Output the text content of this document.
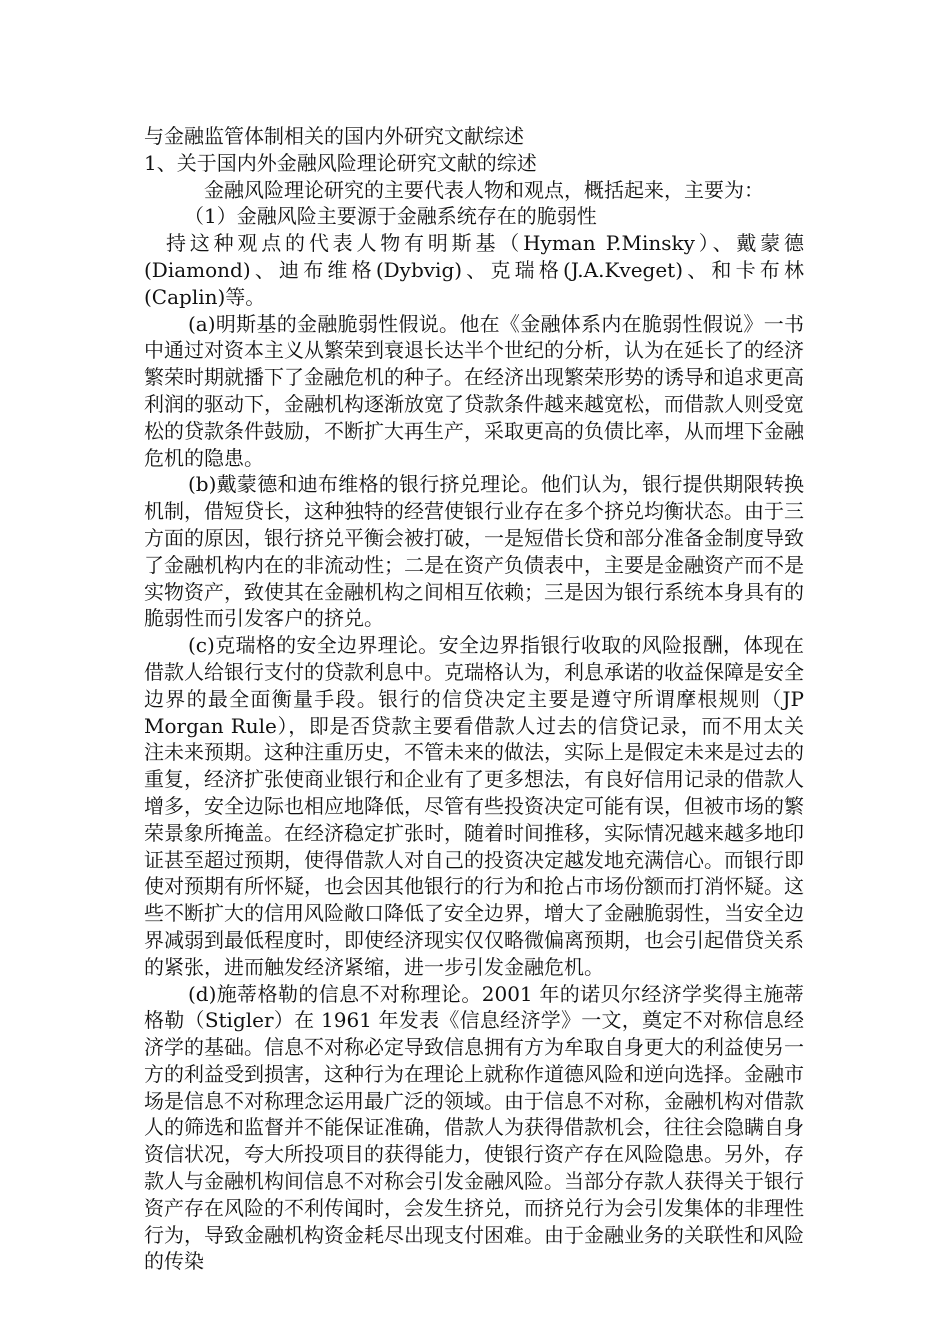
与金融监管体制相关的国内外研究文献综述

1、关于国内外金融风险理论研究文献的综述

金融风险理论研究的主要代表人物和观点，概括起来，主要为：

（1）金融风险主要源于金融系统存在的脆弱性

持这种观点的代表人物有明斯基（Hyman P.Minsky）、戴蒙德(Diamond)、迪布维格(Dybvig)、克瑞格(J.A.Kveget)、和卡布林(Caplin)等。

(a)明斯基的金融脆弱性假说。他在《金融体系内在脆弱性假说》一书中通过对资本主义从繁荣到衰退长达半个世纪的分析，认为在延长了的经济繁荣时期就播下了金融危机的种子。在经济出现繁荣形势的诱导和追求更高利润的驱动下，金融机构逐渐放宽了贷款条件越来越宽松，而借款人则受宽松的贷款条件鼓励，不断扩大再生产，采取更高的负债比率，从而埋下金融危机的隐患。

(b)戴蒙德和迪布维格的银行挤兑理论。他们认为，银行提供期限转换机制，借短贷长，这种独特的经营使银行业存在多个挤兑均衡状态。由于三方面的原因，银行挤兑平衡会被打破，一是短借长贷和部分准备金制度导致了金融机构内在的非流动性；二是在资产负债表中，主要是金融资产而不是实物资产，致使其在金融机构之间相互依赖；三是因为银行系统本身具有的脆弱性而引发客户的挤兑。

(c)克瑞格的安全边界理论。安全边界指银行收取的风险报酬，体现在借款人给银行支付的贷款利息中。克瑞格认为，利息承诺的收益保障是安全边界的最全面衡量手段。银行的信贷决定主要是遵守所谓摩根规则（JP Morgan Rule），即是否贷款主要看借款人过去的信贷记录，而不用太关注未来预期。这种注重历史，不管未来的做法，实际上是假定未来是过去的重复，经济扩张使商业银行和企业有了更多想法，有良好信用记录的借款人增多，安全边际也相应地降低，尽管有些投资决定可能有误，但被市场的繁荣景象所掩盖。在经济稳定扩张时，随着时间推移，实际情况越来越多地印证甚至超过预期，使得借款人对自己的投资决定越发地充满信心。而银行即使对预期有所怀疑，也会因其他银行的行为和抢占市场份额而打消怀疑。这些不断扩大的信用风险敞口降低了安全边界，增大了金融脆弱性，当安全边界减弱到最低程度时，即使经济现实仅仅略微偏离预期，也会引起借贷关系的紧张，进而触发经济紧缩，进一步引发金融危机。

(d)施蒂格勒的信息不对称理论。2001 年的诺贝尔经济学奖得主施蒂格勒（Stigler）在 1961 年发表《信息经济学》一文，奠定不对称信息经济学的基础。信息不对称必定导致信息拥有方为牟取自身更大的利益使另一方的利益受到损害，这种行为在理论上就称作道德风险和逆向选择。金融市场是信息不对称理念运用最广泛的领域。由于信息不对称，金融机构对借款人的筛选和监督并不能保证准确，借款人为获得借款机会，往往会隐瞒自身资信状况，夸大所投项目的获得能力，使银行资产存在风险隐患。另外，存款人与金融机构间信息不对称会引发金融风险。当部分存款人获得关于银行资产存在风险的不利传闻时，会发生挤兑，而挤兑行为会引发集体的非理性行为，导致金融机构资金耗尽出现支付困难。由于金融业务的关联性和风险的传染
